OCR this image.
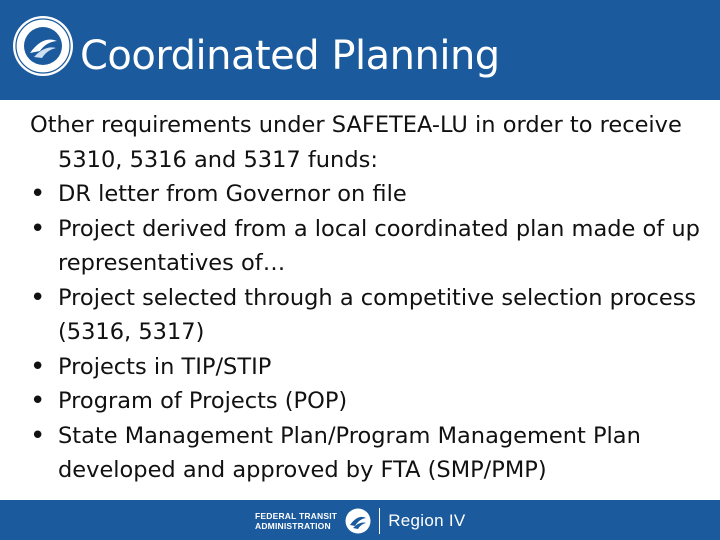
Coordinated Planning

Other requirements under SAFETEA-LU in order to receive 5310, 5316 and 5317 funds:

• DR letter from Governor on file
• Project derived from a local coordinated plan made of up representatives of…
• Project selected through a competitive selection process (5316, 5317)
• Projects in TIP/STIP
• Program of Projects (POP)
• State Management Plan/Program Management Plan developed and approved by FTA (SMP/PMP)
FEDERAL TRANSIT
ADMINISTRATION	Region IV
